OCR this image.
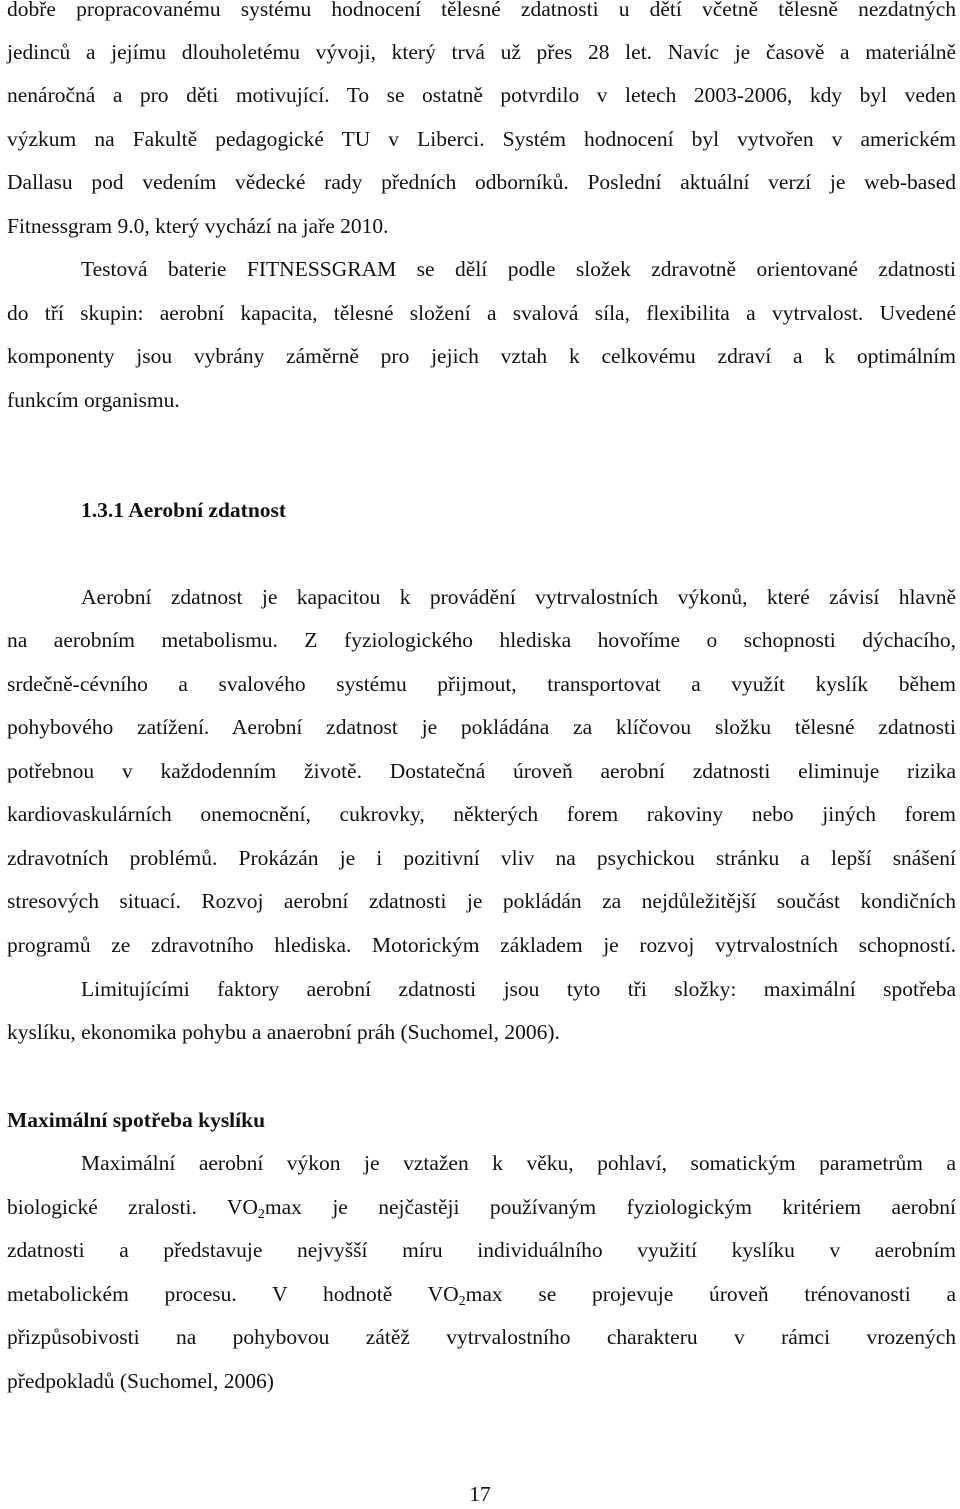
dobře propracovanému systému hodnocení tělesné zdatnosti u dětí včetně tělesně nezdatných
jedinců a jejímu dlouholetému vývoji, který trvá už přes 28 let. Navíc je časově a materiálně
nenáročná a pro děti motivující. To se ostatně potvrdilo v letech 2003-2006, kdy byl veden
výzkum na Fakultě pedagogické TU v Liberci. Systém hodnocení byl vytvořen v americkém
Dallasu pod vedením vědecké rady předních odborníků. Poslední aktuální verzí je web-based
Fitnessgram 9.0, který vychází na jaře 2010.
Testová baterie FITNESSGRAM se dělí podle složek zdravotně orientované zdatnosti
do tří skupin: aerobní kapacita, tělesné složení a svalová síla, flexibilita a vytrvalost. Uvedené
komponenty jsou vybrány záměrně pro jejich vztah k celkovému zdraví a k optimálním
funkcím organismu.
1.3.1 Aerobní zdatnost
Aerobní zdatnost je kapacitou k provádění vytrvalostních výkonů, které závisí hlavně
na aerobním metabolismu. Z fyziologického hlediska hovoříme o schopnosti dýchacího,
srdečně-cévního a svalového systému přijmout, transportovat a využít kyslík během
pohybového zatížení. Aerobní zdatnost je pokládána za klíčovou složku tělesné zdatnosti
potřebnou v každodenním životě. Dostatečná úroveň aerobní zdatnosti eliminuje rizika
kardiovaskulárních onemocnění, cukrovky, některých forem rakoviny nebo jiných forem
zdravotních problémů. Prokázán je i pozitivní vliv na psychickou stránku a lepší snášení
stresových situací. Rozvoj aerobní zdatnosti je pokládán za nejdůležitější součást kondičních
programů ze zdravotního hlediska. Motorickým základem je rozvoj vytrvalostních schopností.
Limitujícími faktory aerobní zdatnosti jsou tyto tři složky: maximální spotřeba
kyslíku, ekonomika pohybu a anaerobní práh (Suchomel, 2006).
Maximální spotřeba kyslíku
Maximální aerobní výkon je vztažen k věku, pohlaví, somatickým parametrům a
biologické zralosti. $VO_2\max$ je nejčastěji používaným fyziologickým kritériem aerobní
zdatnosti a představuje nejvyšší míru individuálního využití kyslíku v aerobním
metabolickém procesu. V hodnotě $VO_2\max$ se projevuje úroveň trénovanosti a
přizpůsobivosti na pohybovou zátěž vytrvalostního charakteru v rámci vrozených
předpokladů (Suchomel, 2006)
17
